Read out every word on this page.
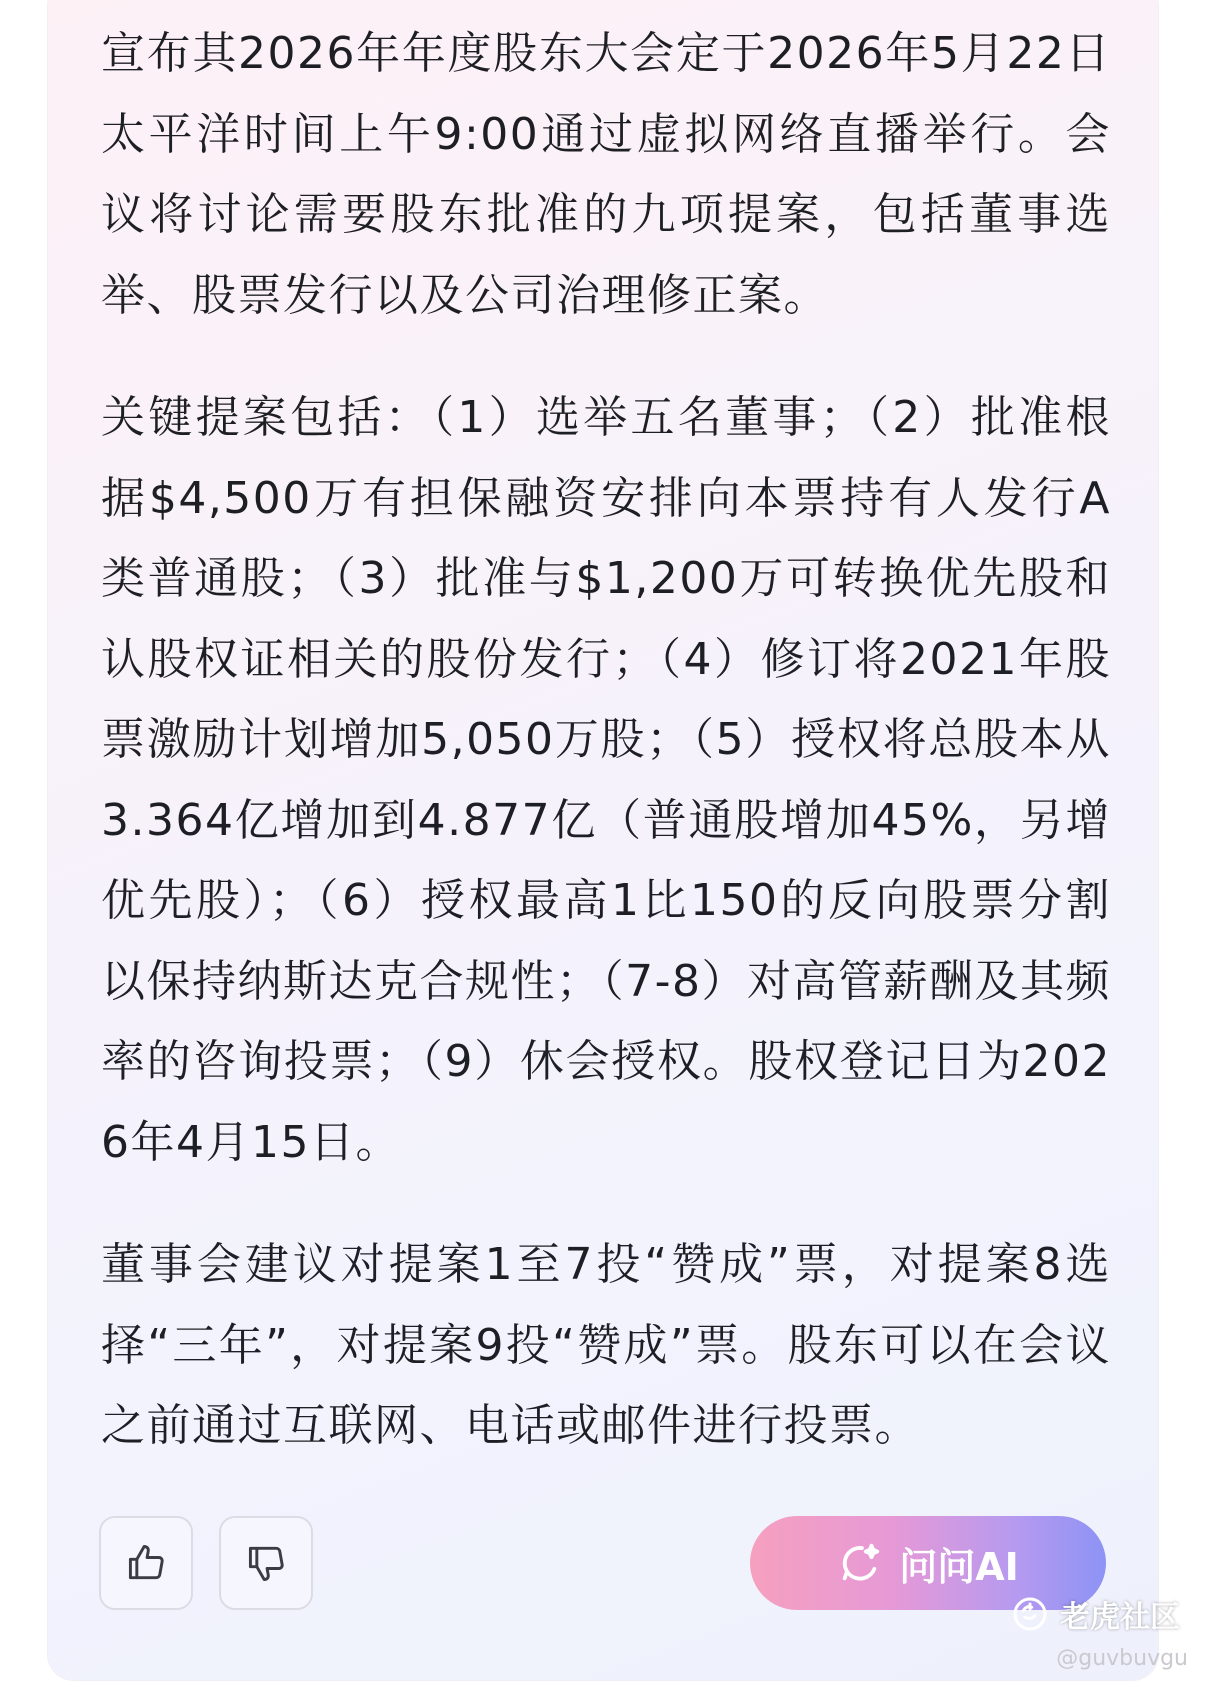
宣布其2026年年度股东大会定于2026年5月22日太平洋时间上午9:00通过虚拟网络直播举行。会议将讨论需要股东批准的九项提案，包括董事选举、股票发行以及公司治理修正案。

关键提案包括：（1）选举五名董事；（2）批准根据$4,500万有担保融资安排向本票持有人发行A类普通股；（3）批准与$1,200万可转换优先股和认股权证相关的股份发行；（4）修订将2021年股票激励计划增加5,050万股；（5）授权将总股本从3.364亿增加到4.877亿（普通股增加45%，另增优先股）；（6）授权最高1比150的反向股票分割以保持纳斯达克合规性；（7-8）对高管薪酬及其频率的咨询投票；（9）休会授权。股权登记日为2026年4月15日。

董事会建议对提案1至7投“赞成”票，对提案8选择“三年”，对提案9投“赞成”票。股东可以在会议之前通过互联网、电话或邮件进行投票。

问问AI
老虎社区
@guvbuvgu
